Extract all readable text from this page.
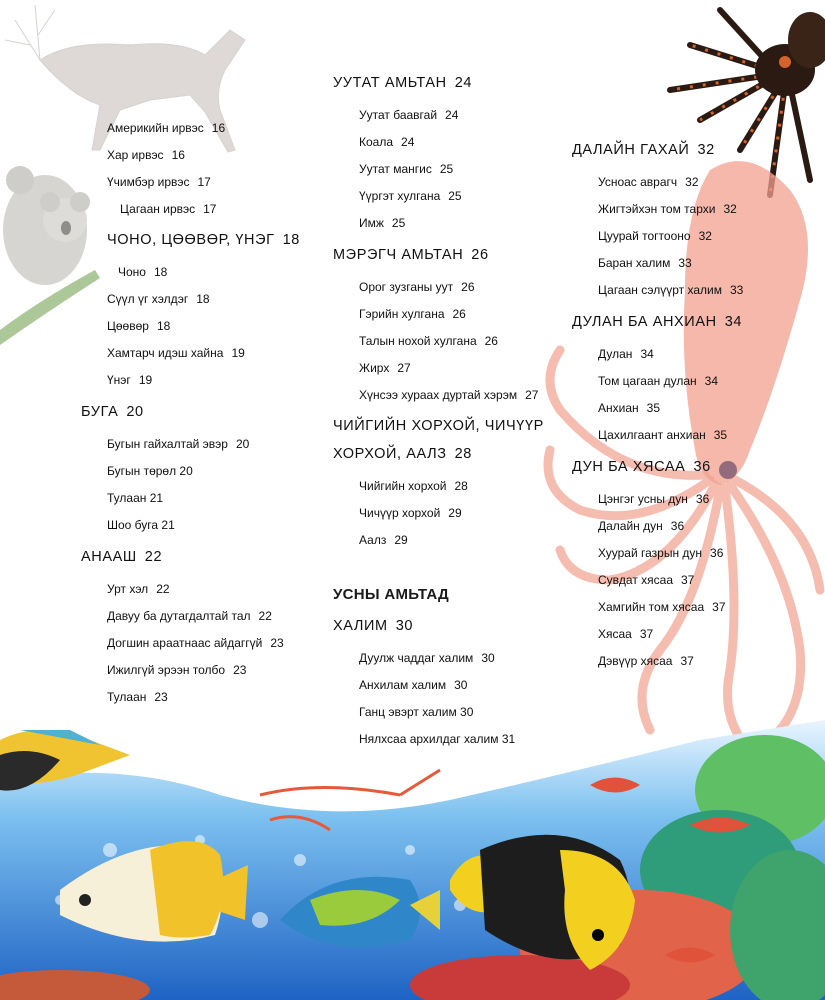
Америкийн ирвэс 16
Хар ирвэс 16
Үчимбэр ирвэс 17
Цагаан ирвэс 17
ЧОНО, ЦӨӨВӨР, ҮНЭГ 18
Чоно 18
Сүүл үг хэлдэг 18
Цөөвөр 18
Хамтарч идэш хайна 19
Үнэг 19
БУГА 20
Бугын гайхалтай эвэр 20
Бугын төрөл 20
Тулаан 21
Шоо буга 21
АНААШ 22
Урт хэл 22
Давуу ба дутагдалтай тал 22
Догшин араатнаас айдаггүй 23
Ижилгүй эрээн толбо 23
Тулаан 23
УУТАТ АМЬТАН 24
Уутат баавгай 24
Коала 24
Уутат мангис 25
Үүргэт хулгана 25
Имж 25
МЭРЭГЧ АМЬТАН 26
Орог зузганы уут 26
Гэрийн хулгана 26
Талын нохой хулгана 26
Жирх 27
Хүнсээ хураах дуртай хэрэм 27
ЧИЙГИЙН ХОРХОЙ, ЧИЧҮҮР
ХОРХОЙ, ААЛЗ 28
Чийгийн хорхой 28
Чичүүр хорхой 29
Аалз 29
УСНЫ АМЬТАД
ХАЛИМ 30
Дуулж чаддаг халим 30
Анхилам халим 30
Ганц эвэрт халим 30
Нялхсаа архилдаг халим 31
ДАЛАЙН ГАХАЙ 32
Усноас аврагч 32
Жигтэйхэн том тархи 32
Цуурай тогтооно 32
Баран халим 33
Цагаан сэлүүрт халим 33
ДУЛАН БА АНХИАН 34
Дулан 34
Том цагаан дулан 34
Анхиан 35
Цахилгаант анхиан 35
ДУН БА ХЯСАА 36
Цэнгэг усны дун 36
Далайн дун 36
Хуурай газрын дун 36
Сувдат хясаа 37
Хамгийн том хясаа 37
Хясаа 37
Дэвүүр хясаа 37
